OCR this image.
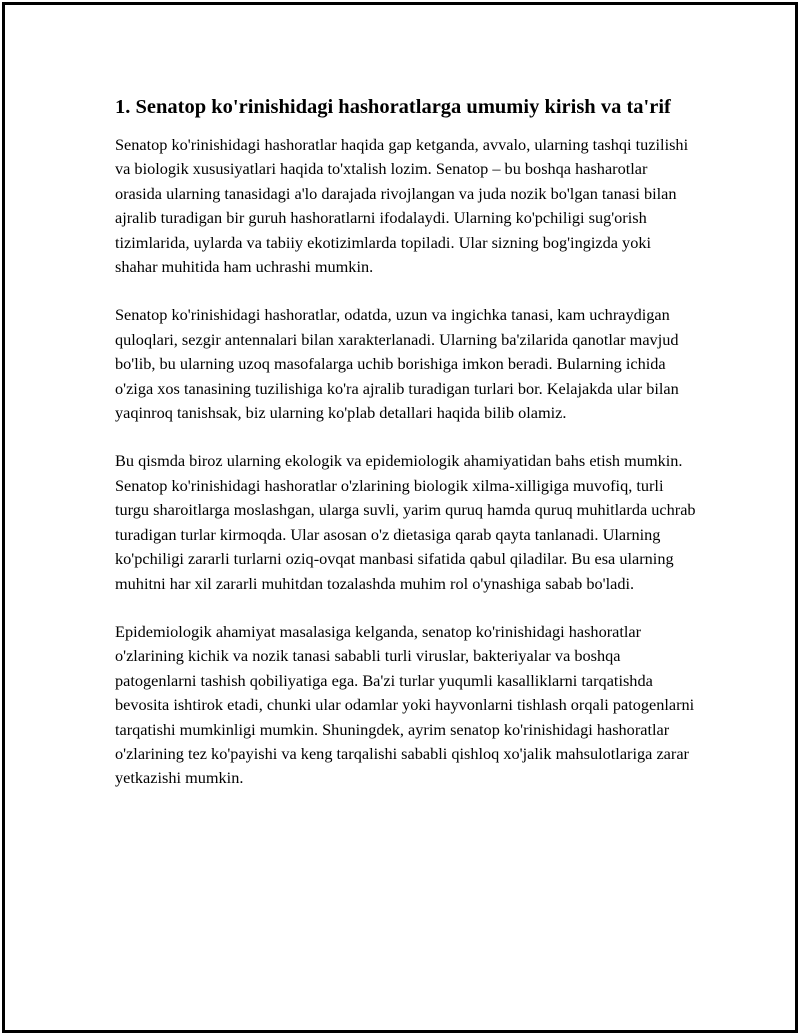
1. Senatop ko'rinishidagi hashoratlarga umumiy kirish va ta'rif

Senatop ko'rinishidagi hashoratlar haqida gap ketganda, avvalo, ularning tashqi tuzilishi va biologik xususiyatlari haqida to'xtalish lozim. Senatop – bu boshqa hasharotlar orasida ularning tanasidagi a'lo darajada rivojlangan va juda nozik bo'lgan tanasi bilan ajralib turadigan bir guruh hashoratlarni ifodalaydi. Ularning ko'pchiligi sug'orish tizimlarida, uylarda va tabiiy ekotizimlarda topiladi. Ular sizning bog'ingizda yoki shahar muhitida ham uchrashi mumkin.

Senatop ko'rinishidagi hashoratlar, odatda, uzun va ingichka tanasi, kam uchraydigan quloqlari, sezgir antennalari bilan xarakterlanadi. Ularning ba'zilarida qanotlar mavjud bo'lib, bu ularning uzoq masofalarga uchib borishiga imkon beradi. Bularning ichida o'ziga xos tanasining tuzilishiga ko'ra ajralib turadigan turlari bor. Kelajakda ular bilan yaqinroq tanishsak, biz ularning ko'plab detallari haqida bilib olamiz.

Bu qismda biroz ularning ekologik va epidemiologik ahamiyatidan bahs etish mumkin. Senatop ko'rinishidagi hashoratlar o'zlarining biologik xilma-xilligiga muvofiq, turli turgu sharoitlarga moslashgan, ularga suvli, yarim quruq hamda quruq muhitlarda uchrab turadigan turlar kirmoqda. Ular asosan o'z dietasiga qarab qayta tanlanadi. Ularning ko'pchiligi zararli turlarni oziq-ovqat manbasi sifatida qabul qiladilar. Bu esa ularning muhitni har xil zararli muhitdan tozalashda muhim rol o'ynashiga sabab bo'ladi.

Epidemiologik ahamiyat masalasiga kelganda, senatop ko'rinishidagi hashoratlar o'zlarining kichik va nozik tanasi sababli turli viruslar, bakteriyalar va boshqa patogenlarni tashish qobiliyatiga ega. Ba'zi turlar yuqumli kasalliklarni tarqatishda bevosita ishtirok etadi, chunki ular odamlar yoki hayvonlarni tishlash orqali patogenlarni tarqatishi mumkinligi mumkin. Shuningdek, ayrim senatop ko'rinishidagi hashoratlar o'zlarining tez ko'payishi va keng tarqalishi sababli qishloq xo'jalik mahsulotlariga zarar yetkazishi mumkin.
